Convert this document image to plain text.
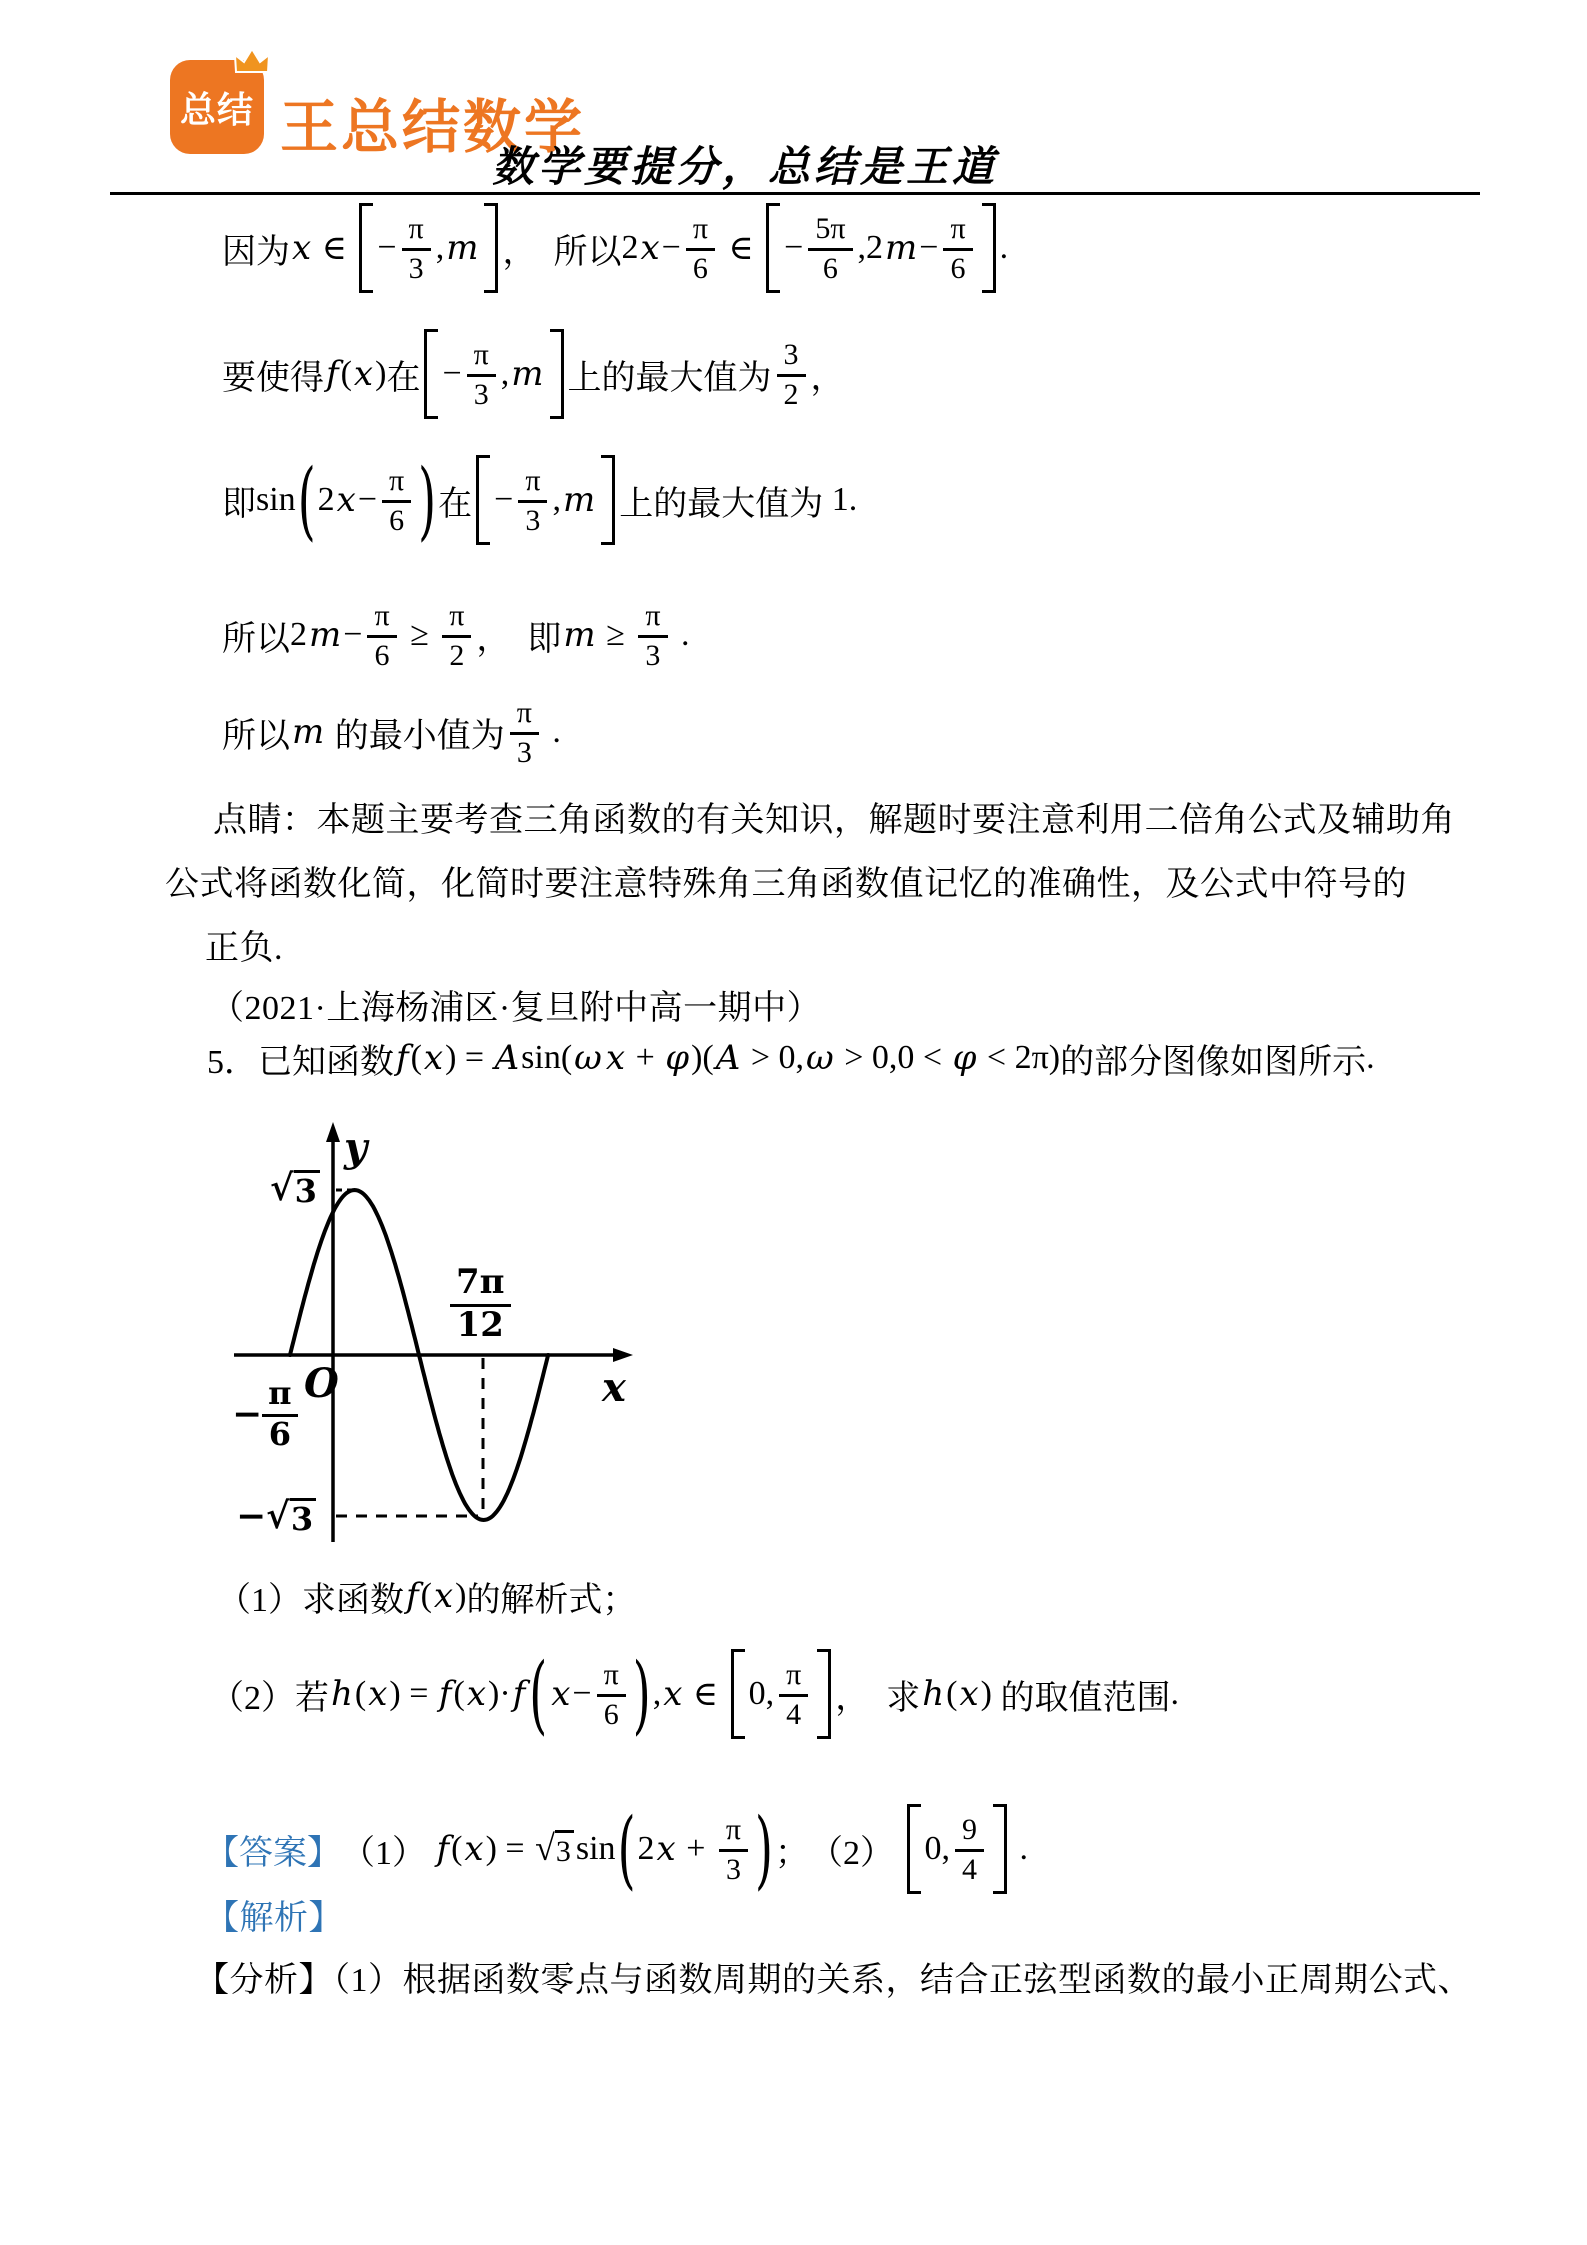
总结 王总结数学
数学要提分，总结是王道
因为 x ∈ − $\frac{\pi}{3}$ , m ，  所以 2 $x - \frac{\pi}{6}$ ∈ − $\frac{5\pi}{6}$ , 2 $m - \frac{\pi}{6}$ .
要使得 f ( x ) 在 − $\frac{\pi}{3}$ , m 上的最大值为 $\frac{3}{2}$ ，
即 sin ( 2 $x - \frac{\pi}{6}$ ) 在 − $\frac{\pi}{3}$ , m 上的最大值为 1.
所以 2 $m - \frac{\pi}{6} \ge \frac{\pi}{2}$ ，  即 $m \ge \frac{\pi}{3}$ .
所以 m 的最小值为 $\frac{\pi}{3}$ .
点睛：本题主要考查三角函数的有关知识，解题时要注意利用二倍角公式及辅助角
公式将函数化简，化简时要注意特殊角三角函数值记忆的准确性，及公式中符号的
正负.
（2021·上海杨浦区·复旦附中高一期中）
5． 已知函数 f ( x ) = A sin( ω x + φ )( A > 0, ω > 0,0 < φ < 2π) 的部分图像如图所示 .
y
x
O
√ 3
− √ 3
$\frac{7\pi}{12}$
− $\frac{\pi}{6}$
（1）求函数 f ( x ) 的解析式；
（2）若 h ( x ) = f ( x )· f ( $x - \frac{\pi}{6}$ ) , x ∈ 0, $\frac{\pi}{4}$ ，  求 h ( x ) 的取值范围 .
【答案】 （1） f ( x ) = √ 3 sin ( 2 $x + \frac{\pi}{3}$ ) ； （2） 0, $\frac{9}{4}$ .
【解析】
【分析】（1）根据函数零点与函数周期的关系，结合正弦型函数的最小正周期公式、
